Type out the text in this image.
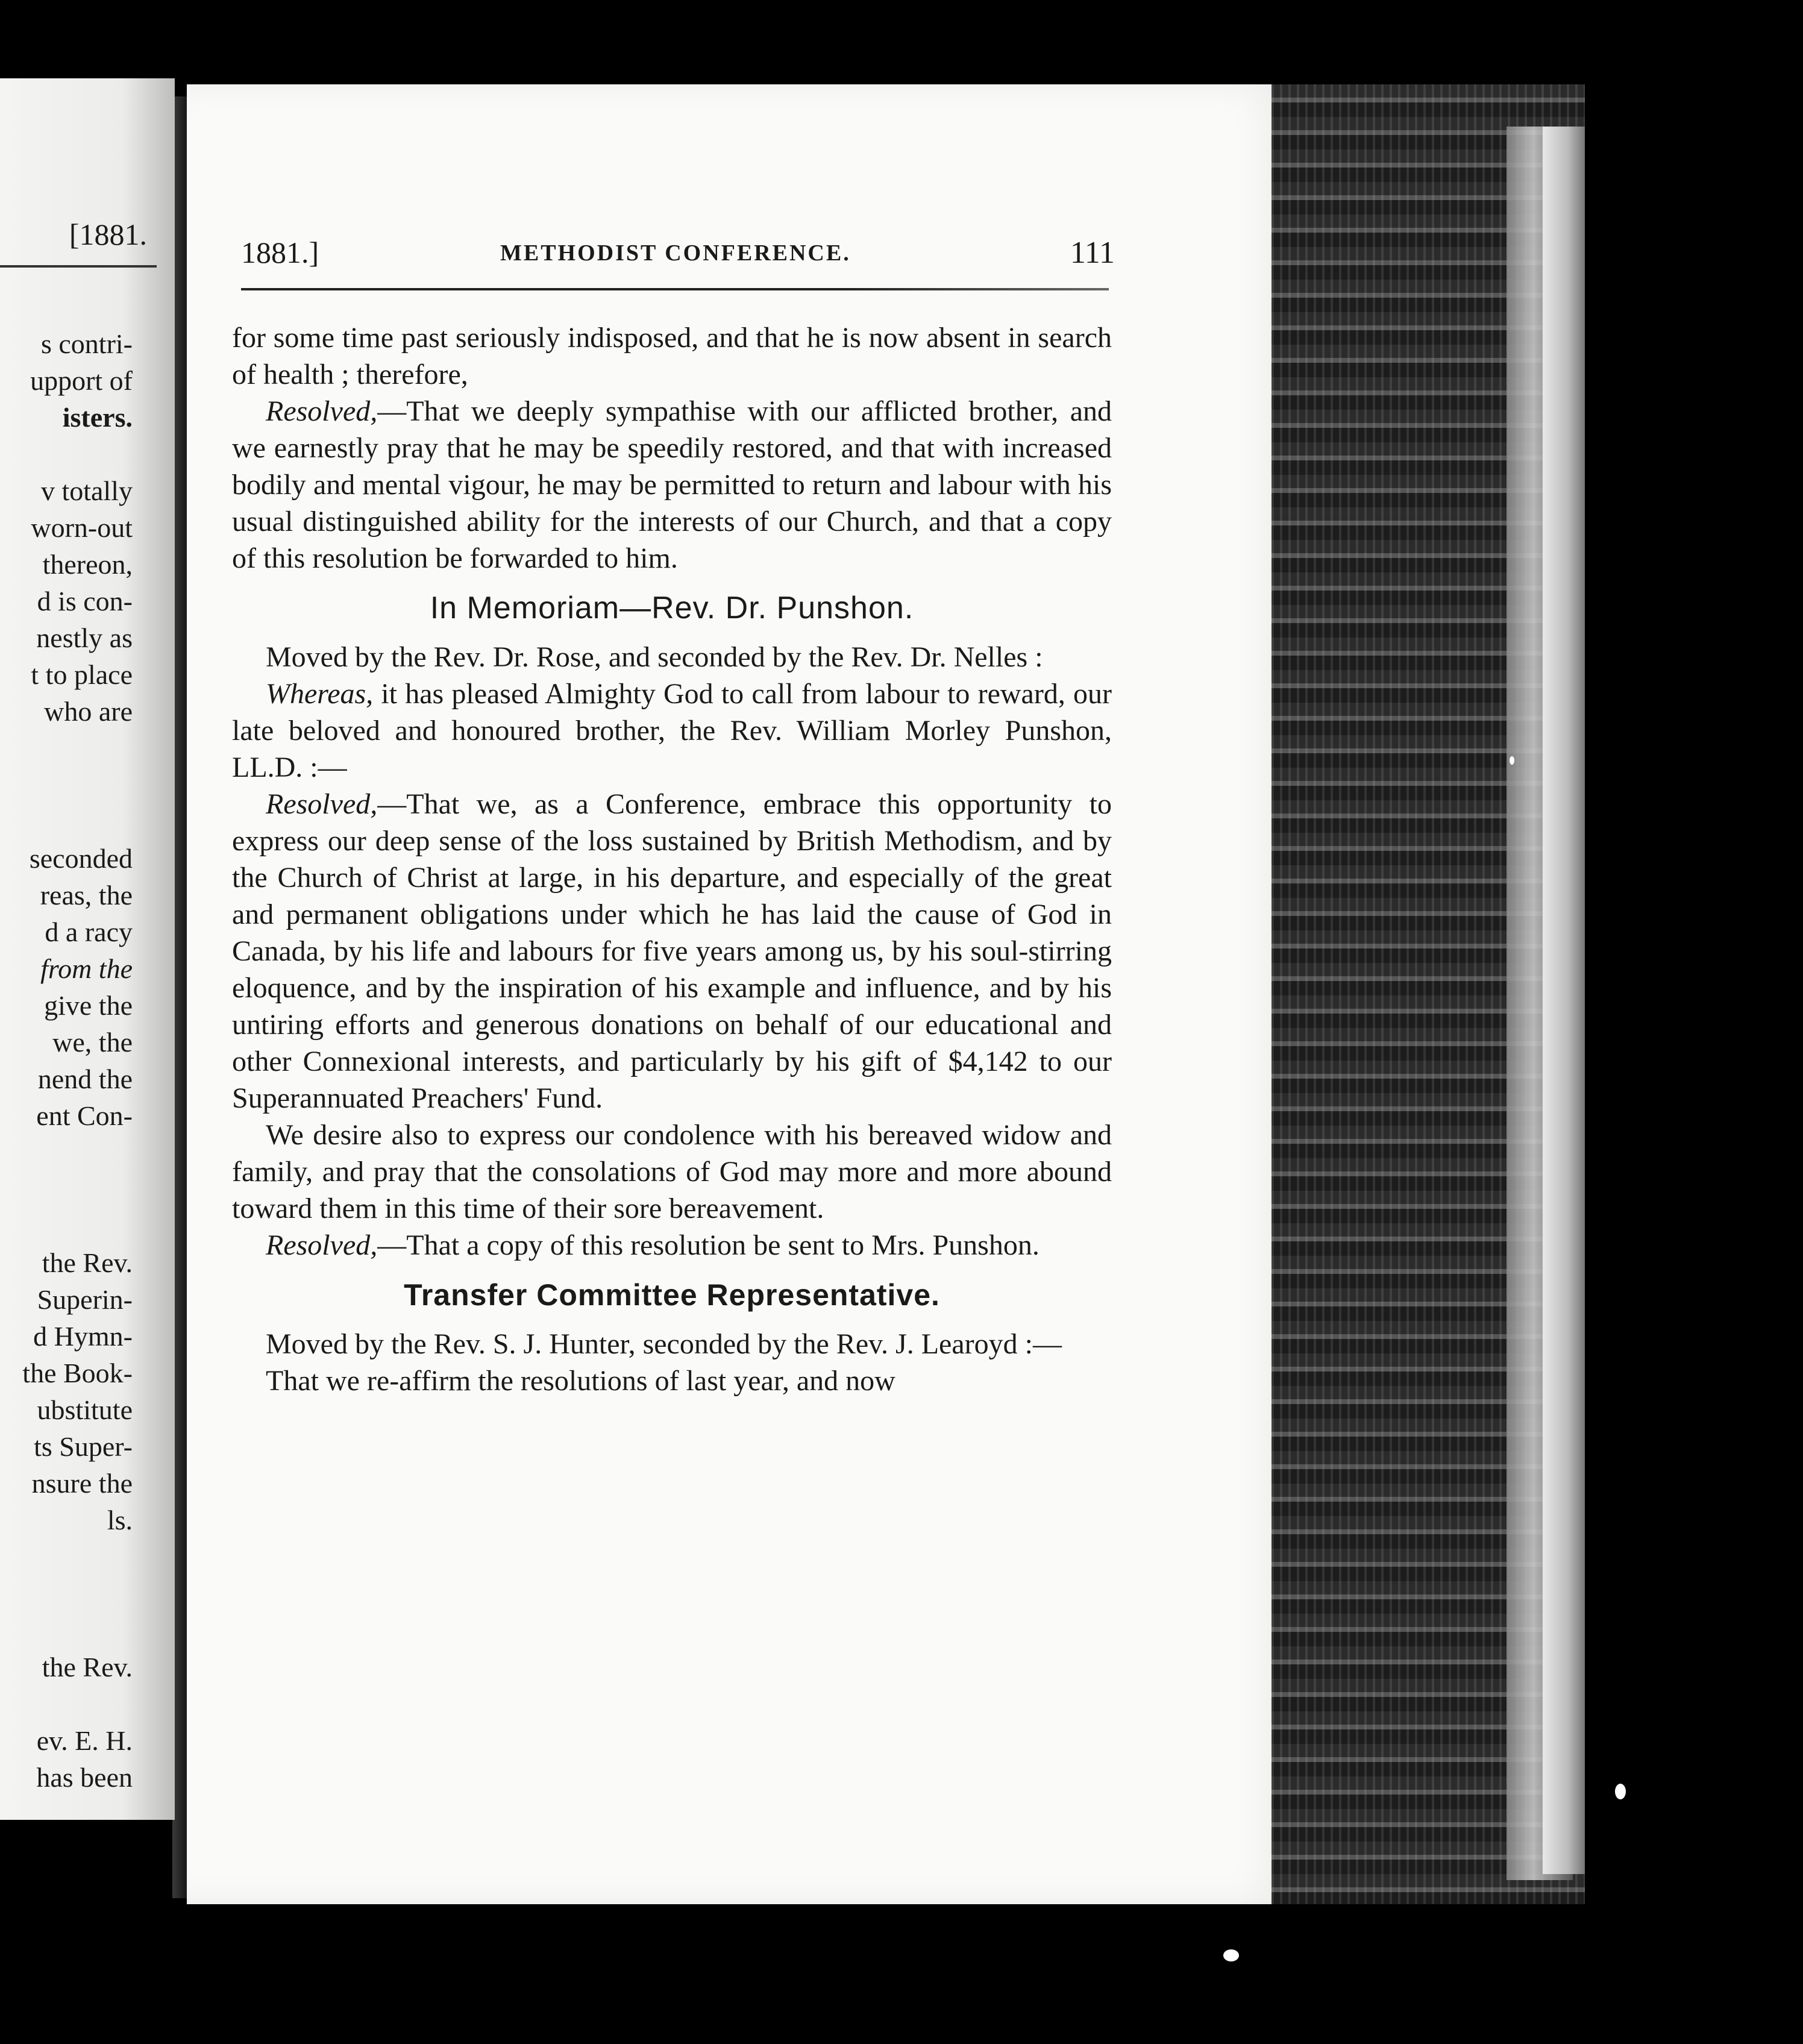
[1881.
s contri-
upport of
isters.
v totally
worn-out
thereon,
d is con-
nestly as
t to place
who are
seconded
reas, the
d a racy
from the
give the
we, the
nend the
ent Con-
the Rev.
Superin-
d Hymn-
the Book-
ubstitute
ts Super-
nsure the
ls.
the Rev.
ev. E. H.
has been
1881.]	METHODIST CONFERENCE.	111

for some time past seriously indisposed, and that he is now absent in search of health ; therefore,

Resolved,—That we deeply sympathise with our afflicted brother, and we earnestly pray that he may be speedily restored, and that with increased bodily and mental vigour, he may be permitted to return and labour with his usual distinguished ability for the interests of our Church, and that a copy of this resolution be forwarded to him.

In Memoriam—Rev. Dr. Punshon.

Moved by the Rev. Dr. Rose, and seconded by the Rev. Dr. Nelles :

Whereas, it has pleased Almighty God to call from labour to reward, our late beloved and honoured brother, the Rev. William Morley Punshon, LL.D. :—

Resolved,—That we, as a Conference, embrace this opportunity to express our deep sense of the loss sustained by British Methodism, and by the Church of Christ at large, in his departure, and especially of the great and permanent obligations under which he has laid the cause of God in Canada, by his life and labours for five years among us, by his soul-stirring eloquence, and by the inspiration of his example and influence, and by his untiring efforts and generous donations on behalf of our educational and other Connexional interests, and particularly by his gift of $4,142 to our Superannuated Preachers' Fund.

We desire also to express our condolence with his bereaved widow and family, and pray that the consolations of God may more and more abound toward them in this time of their sore bereavement.

Resolved,—That a copy of this resolution be sent to Mrs. Punshon.

Transfer Committee Representative.

Moved by the Rev. S. J. Hunter, seconded by the Rev. J. Learoyd :—

That we re-affirm the resolutions of last year, and now
